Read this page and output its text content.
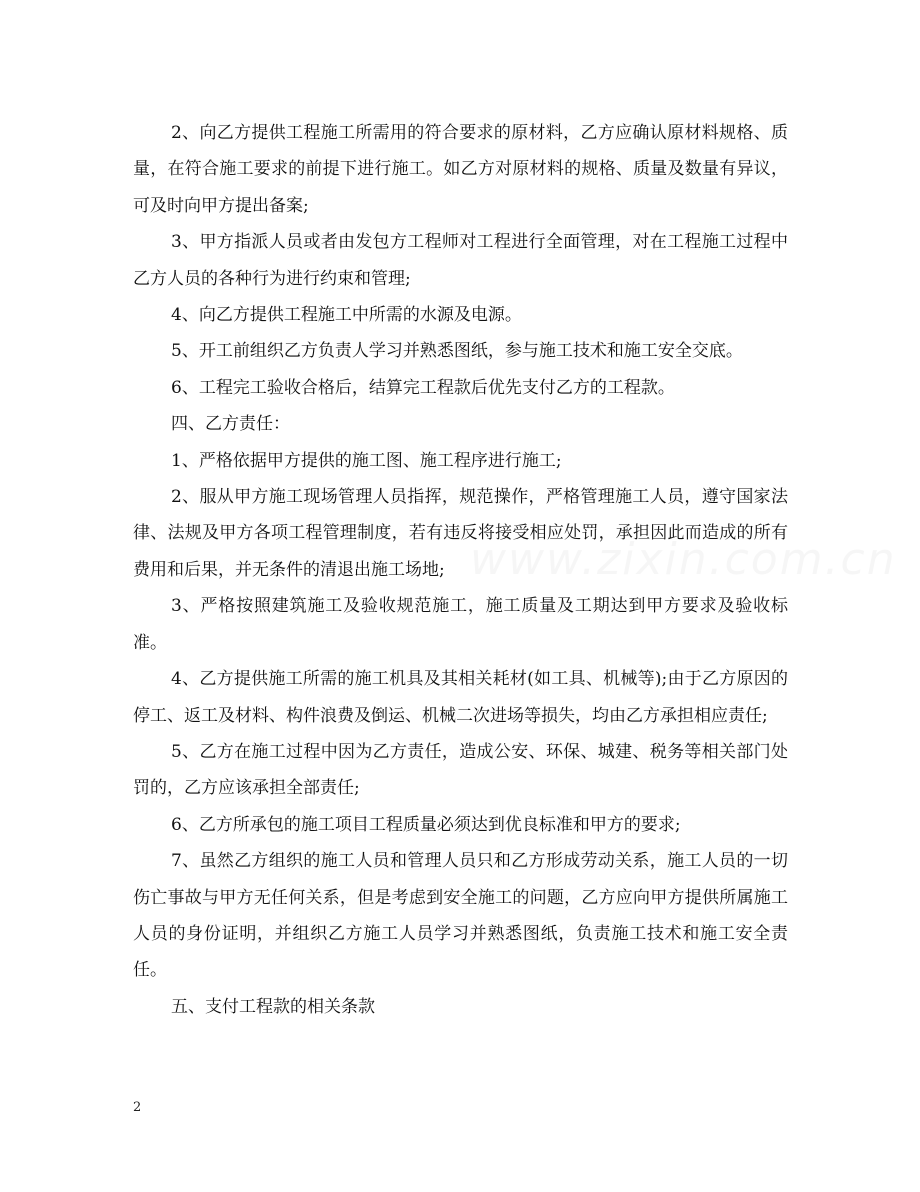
www.zixin.com.cn

2、向乙方提供工程施工所需用的符合要求的原材料，乙方应确认原材料规格、质量，在符合施工要求的前提下进行施工。如乙方对原材料的规格、质量及数量有异议，可及时向甲方提出备案;

3、甲方指派人员或者由发包方工程师对工程进行全面管理，对在工程施工过程中乙方人员的各种行为进行约束和管理;

4、向乙方提供工程施工中所需的水源及电源。

5、开工前组织乙方负责人学习并熟悉图纸，参与施工技术和施工安全交底。

6、工程完工验收合格后，结算完工程款后优先支付乙方的工程款。

四、乙方责任：

1、严格依据甲方提供的施工图、施工程序进行施工;

2、服从甲方施工现场管理人员指挥，规范操作，严格管理施工人员，遵守国家法律、法规及甲方各项工程管理制度，若有违反将接受相应处罚，承担因此而造成的所有费用和后果，并无条件的清退出施工场地;

3、严格按照建筑施工及验收规范施工，施工质量及工期达到甲方要求及验收标准。

4、乙方提供施工所需的施工机具及其相关耗材(如工具、机械等);由于乙方原因的停工、返工及材料、构件浪费及倒运、机械二次进场等损失，均由乙方承担相应责任;

5、乙方在施工过程中因为乙方责任，造成公安、环保、城建、税务等相关部门处罚的，乙方应该承担全部责任;

6、乙方所承包的施工项目工程质量必须达到优良标准和甲方的要求;

7、虽然乙方组织的施工人员和管理人员只和乙方形成劳动关系，施工人员的一切伤亡事故与甲方无任何关系，但是考虑到安全施工的问题，乙方应向甲方提供所属施工人员的身份证明，并组织乙方施工人员学习并熟悉图纸，负责施工技术和施工安全责任。

五、支付工程款的相关条款

2
